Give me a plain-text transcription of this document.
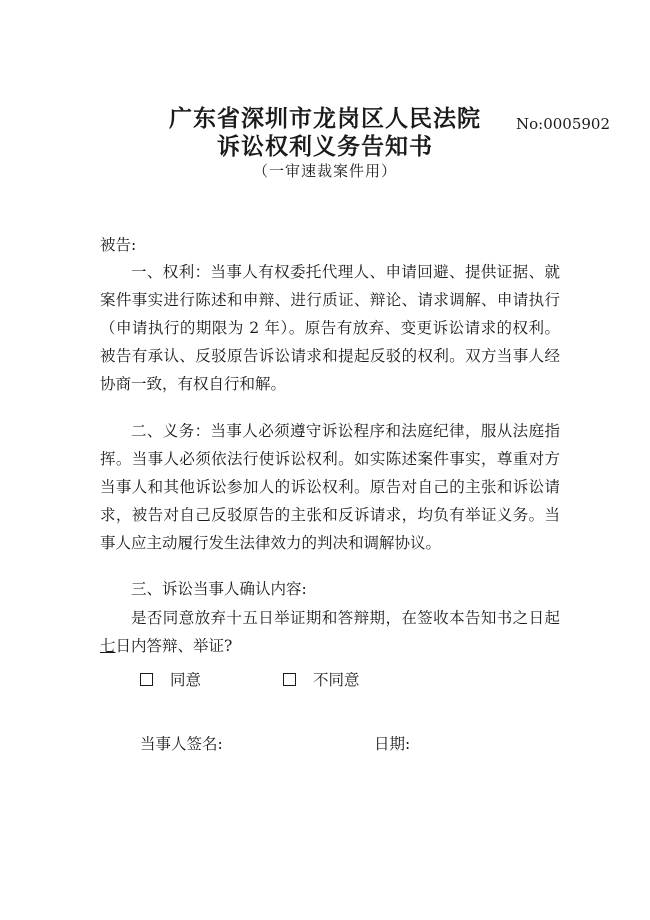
广东省深圳市龙岗区人民法院
诉讼权利义务告知书
（一审速裁案件用）
No:0005902
被告:
一、权利：当事人有权委托代理人、申请回避、提供证据、就案件事实进行陈述和申辩、进行质证、辩论、请求调解、申请执行（申请执行的期限为 2 年）。原告有放弃、变更诉讼请求的权利。被告有承认、反驳原告诉讼请求和提起反驳的权利。双方当事人经协商一致，有权自行和解。
二、义务：当事人必须遵守诉讼程序和法庭纪律，服从法庭指挥。当事人必须依法行使诉讼权利。如实陈述案件事实，尊重对方当事人和其他诉讼参加人的诉讼权利。原告对自己的主张和诉讼请求，被告对自己反驳原告的主张和反诉请求，均负有举证义务。当事人应主动履行发生法律效力的判决和调解协议。
三、诉讼当事人确认内容:
是否同意放弃十五日举证期和答辩期，在签收本告知书之日起七日内答辩、举证?
同意	不同意
当事人签名:	日期:
